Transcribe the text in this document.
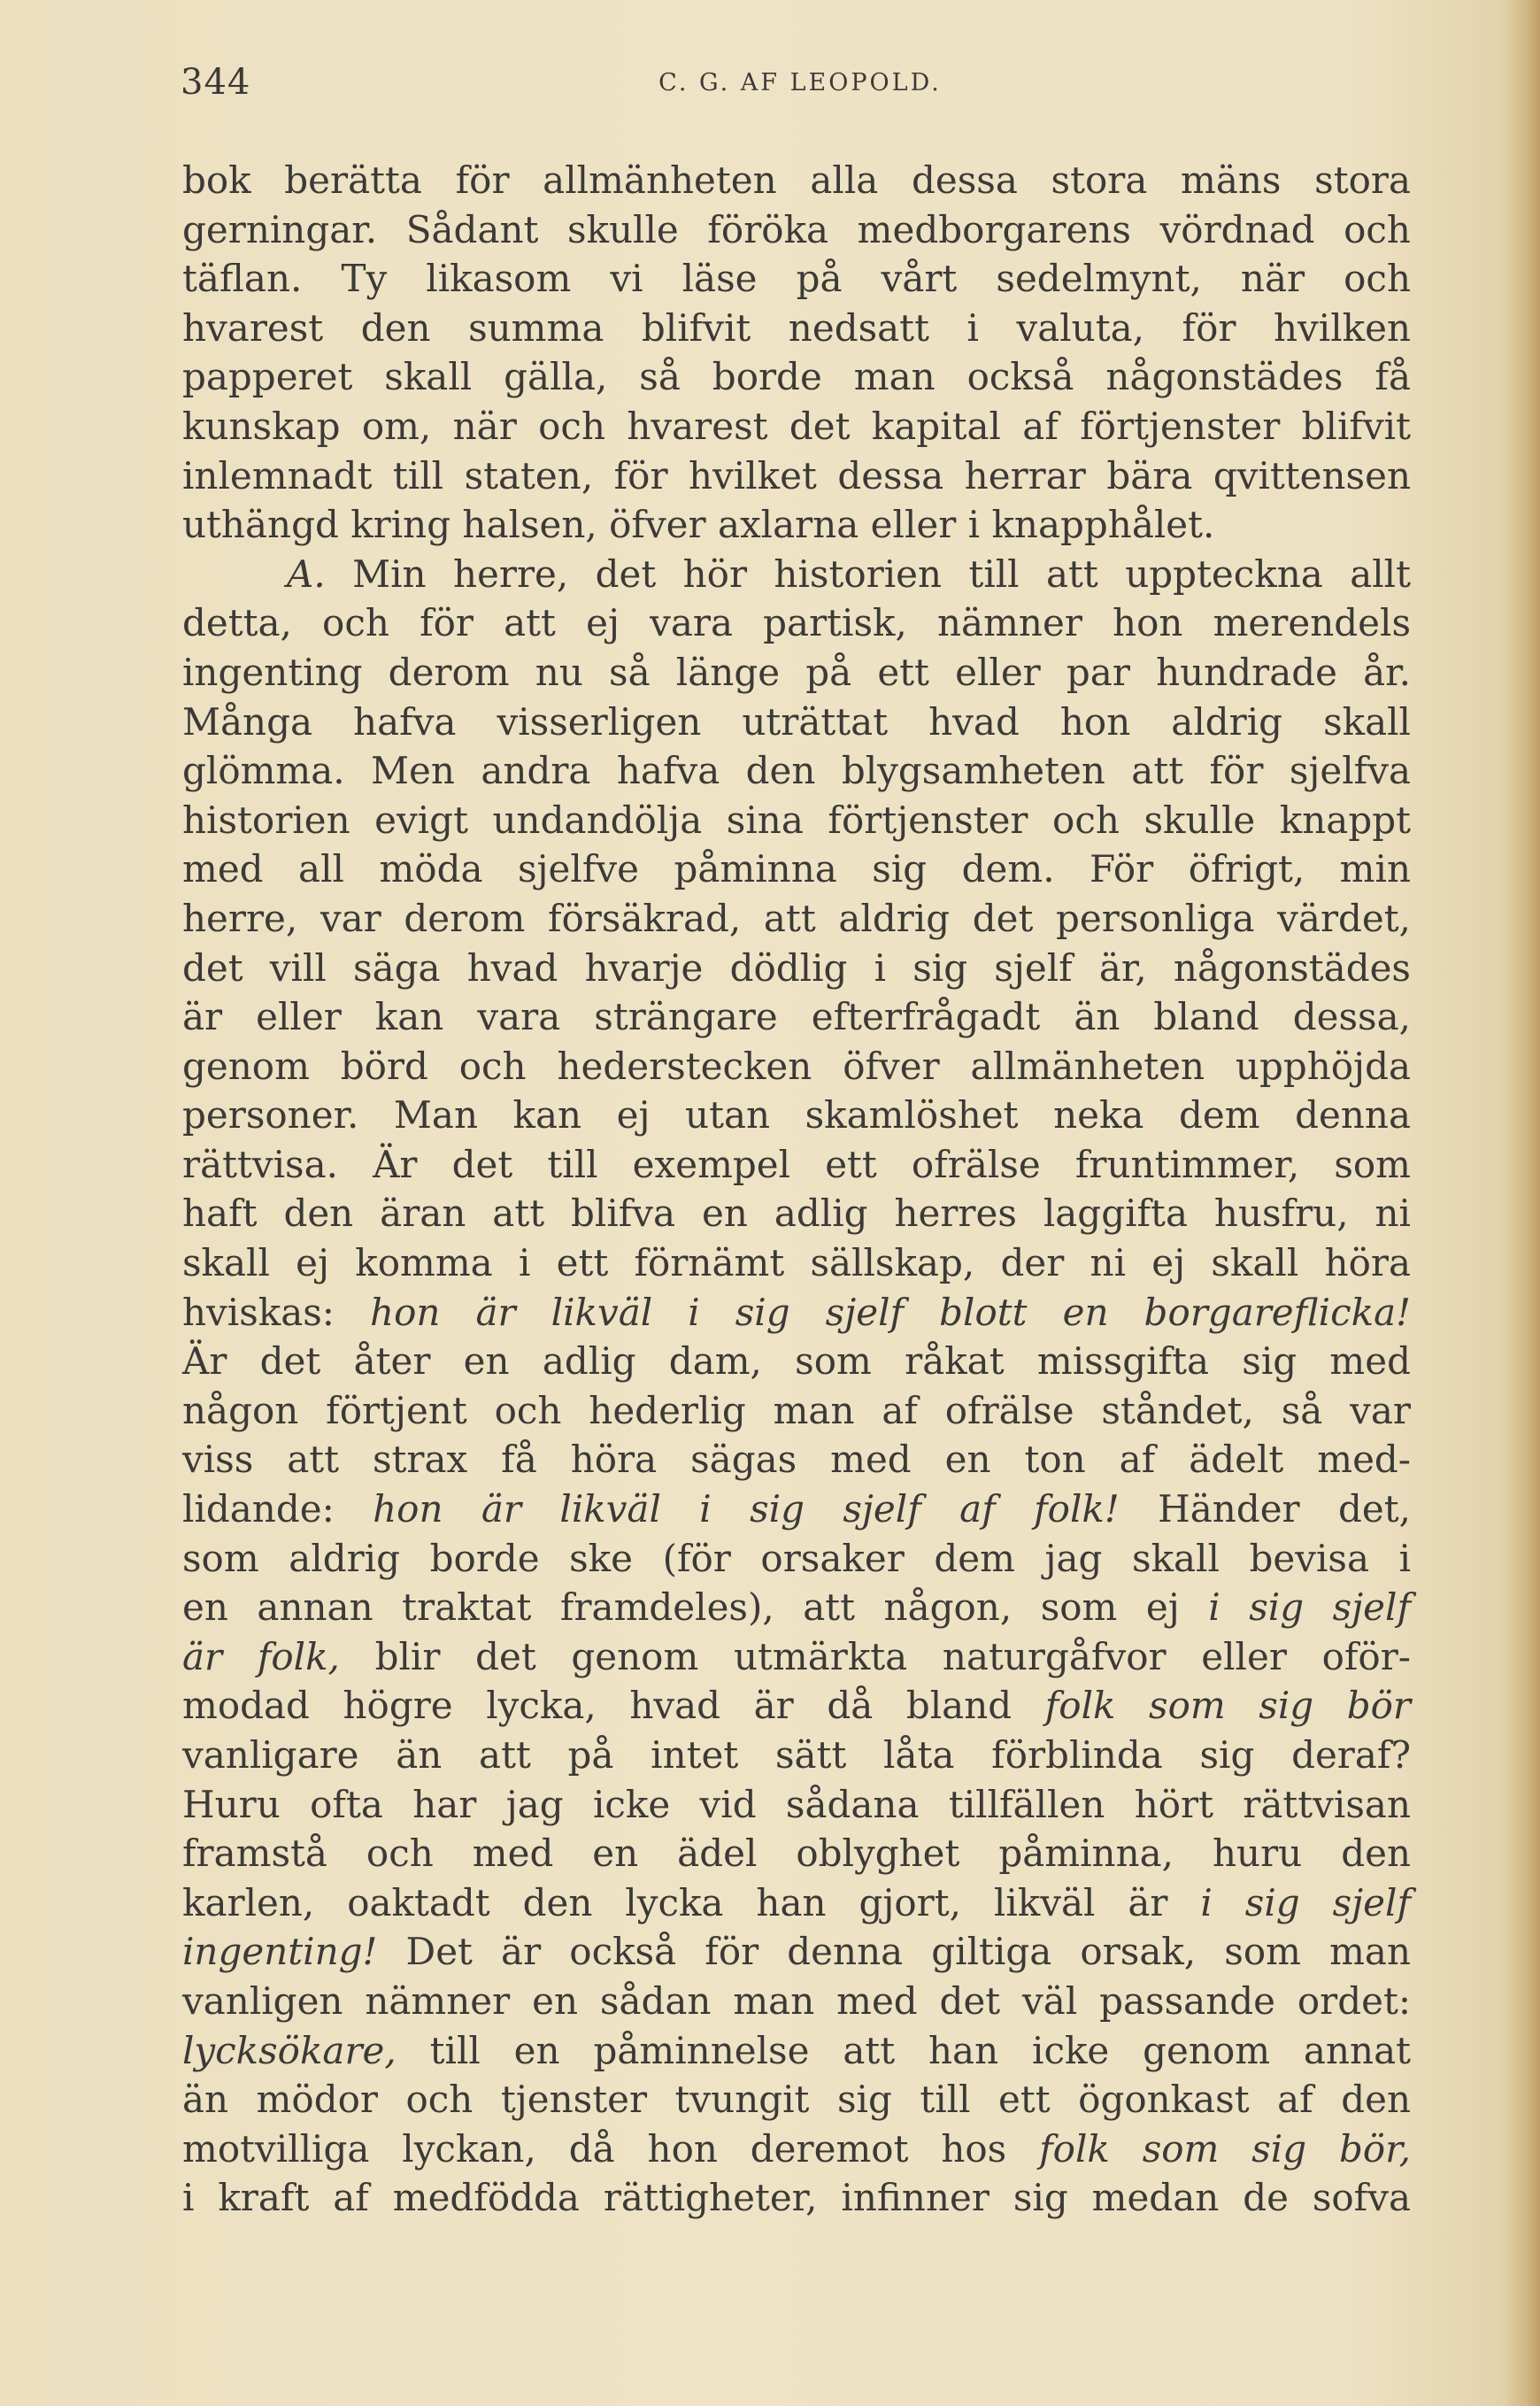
344	C. G. AF LEOPOLD.
bok berätta för allmänheten alla dessa stora mäns stora
gerningar. Sådant skulle föröka medborgarens vördnad och
täflan. Ty likasom vi läse på vårt sedelmynt, när och
hvarest den summa blifvit nedsatt i valuta, för hvilken
papperet skall gälla, så borde man också någonstädes få
kunskap om, när och hvarest det kapital af förtjenster blifvit
inlemnadt till staten, för hvilket dessa herrar bära qvittensen
uthängd kring halsen, öfver axlarna eller i knapphålet.
A. Min herre, det hör historien till att uppteckna allt
detta, och för att ej vara partisk, nämner hon merendels
ingenting derom nu så länge på ett eller par hundrade år.
Många hafva visserligen uträttat hvad hon aldrig skall
glömma. Men andra hafva den blygsamheten att för sjelfva
historien evigt undandölja sina förtjenster och skulle knappt
med all möda sjelfve påminna sig dem. För öfrigt, min
herre, var derom försäkrad, att aldrig det personliga värdet,
det vill säga hvad hvarje dödlig i sig sjelf är, någonstädes
är eller kan vara strängare efterfrågadt än bland dessa,
genom börd och hederstecken öfver allmänheten upphöjda
personer. Man kan ej utan skamlöshet neka dem denna
rättvisa. Är det till exempel ett ofrälse fruntimmer, som
haft den äran att blifva en adlig herres laggifta husfru, ni
skall ej komma i ett förnämt sällskap, der ni ej skall höra
hviskas: hon är likväl i sig sjelf blott en borgareflicka!
Är det åter en adlig dam, som råkat missgifta sig med
någon förtjent och hederlig man af ofrälse ståndet, så var
viss att strax få höra sägas med en ton af ädelt med-
lidande: hon är likväl i sig sjelf af folk! Händer det,
som aldrig borde ske (för orsaker dem jag skall bevisa i
en annan traktat framdeles), att någon, som ej i sig sjelf
är folk, blir det genom utmärkta naturgåfvor eller oför-
modad högre lycka, hvad är då bland folk som sig bör
vanligare än att på intet sätt låta förblinda sig deraf?
Huru ofta har jag icke vid sådana tillfällen hört rättvisan
framstå och med en ädel oblyghet påminna, huru den
karlen, oaktadt den lycka han gjort, likväl är i sig sjelf
ingenting! Det är också för denna giltiga orsak, som man
vanligen nämner en sådan man med det väl passande ordet:
lycksökare, till en påminnelse att han icke genom annat
än mödor och tjenster tvungit sig till ett ögonkast af den
motvilliga lyckan, då hon deremot hos folk som sig bör,
i kraft af medfödda rättigheter, infinner sig medan de sofva
